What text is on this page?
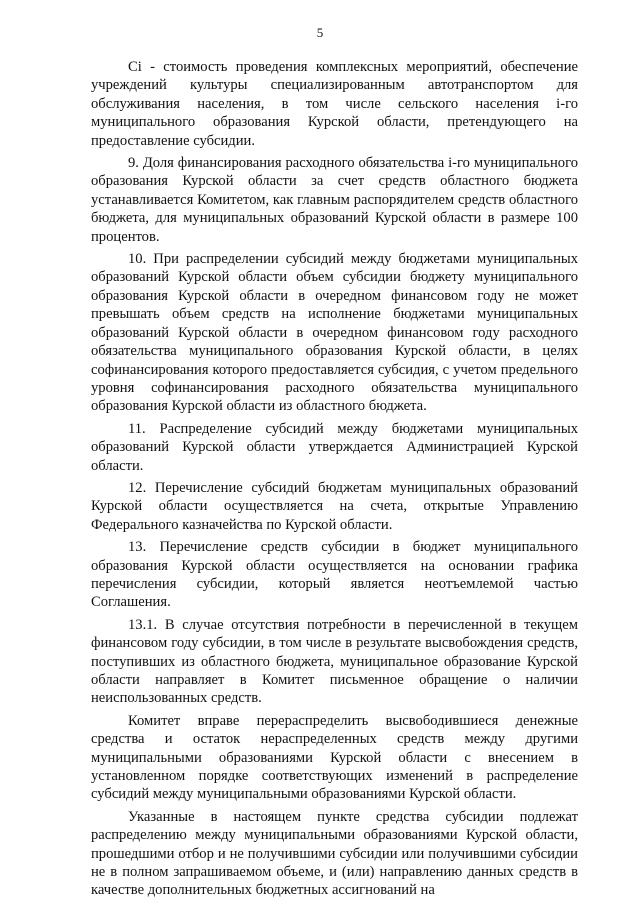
5

Ci - стоимость проведения комплексных мероприятий, обеспечение учреждений культуры специализированным автотранспортом для обслуживания населения, в том числе сельского населения i-го муниципального образования Курской области, претендующего на предоставление субсидии.

9. Доля финансирования расходного обязательства i-го муниципального образования Курской области за счет средств областного бюджета устанавливается Комитетом, как главным распорядителем средств областного бюджета, для муниципальных образований Курской области в размере 100 процентов.

10. При распределении субсидий между бюджетами муниципальных образований Курской области объем субсидии бюджету муниципального образования Курской области в очередном финансовом году не может превышать объем средств на исполнение бюджетами муниципальных образований Курской области в очередном финансовом году расходного обязательства муниципального образования Курской области, в целях софинансирования которого предоставляется субсидия, с учетом предельного уровня софинансирования расходного обязательства муниципального образования Курской области из областного бюджета.

11. Распределение субсидий между бюджетами муниципальных образований Курской области утверждается Администрацией Курской области.

12. Перечисление субсидий бюджетам муниципальных образований Курской области осуществляется на счета, открытые Управлению Федерального казначейства по Курской области.

13. Перечисление средств субсидии в бюджет муниципального образования Курской области осуществляется на основании графика перечисления субсидии, который является неотъемлемой частью Соглашения.

13.1. В случае отсутствия потребности в перечисленной в текущем финансовом году субсидии, в том числе в результате высвобождения средств, поступивших из областного бюджета, муниципальное образование Курской области направляет в Комитет письменное обращение о наличии неиспользованных средств.

Комитет вправе перераспределить высвободившиеся денежные средства и остаток нераспределенных средств между другими муниципальными образованиями Курской области с внесением в установленном порядке соответствующих изменений в распределение субсидий между муниципальными образованиями Курской области.

Указанные в настоящем пункте средства субсидии подлежат распределению между муниципальными образованиями Курской области, прошедшими отбор и не получившими субсидии или получившими субсидии не в полном запрашиваемом объеме, и (или) направлению данных средств в качестве дополнительных бюджетных ассигнований на
